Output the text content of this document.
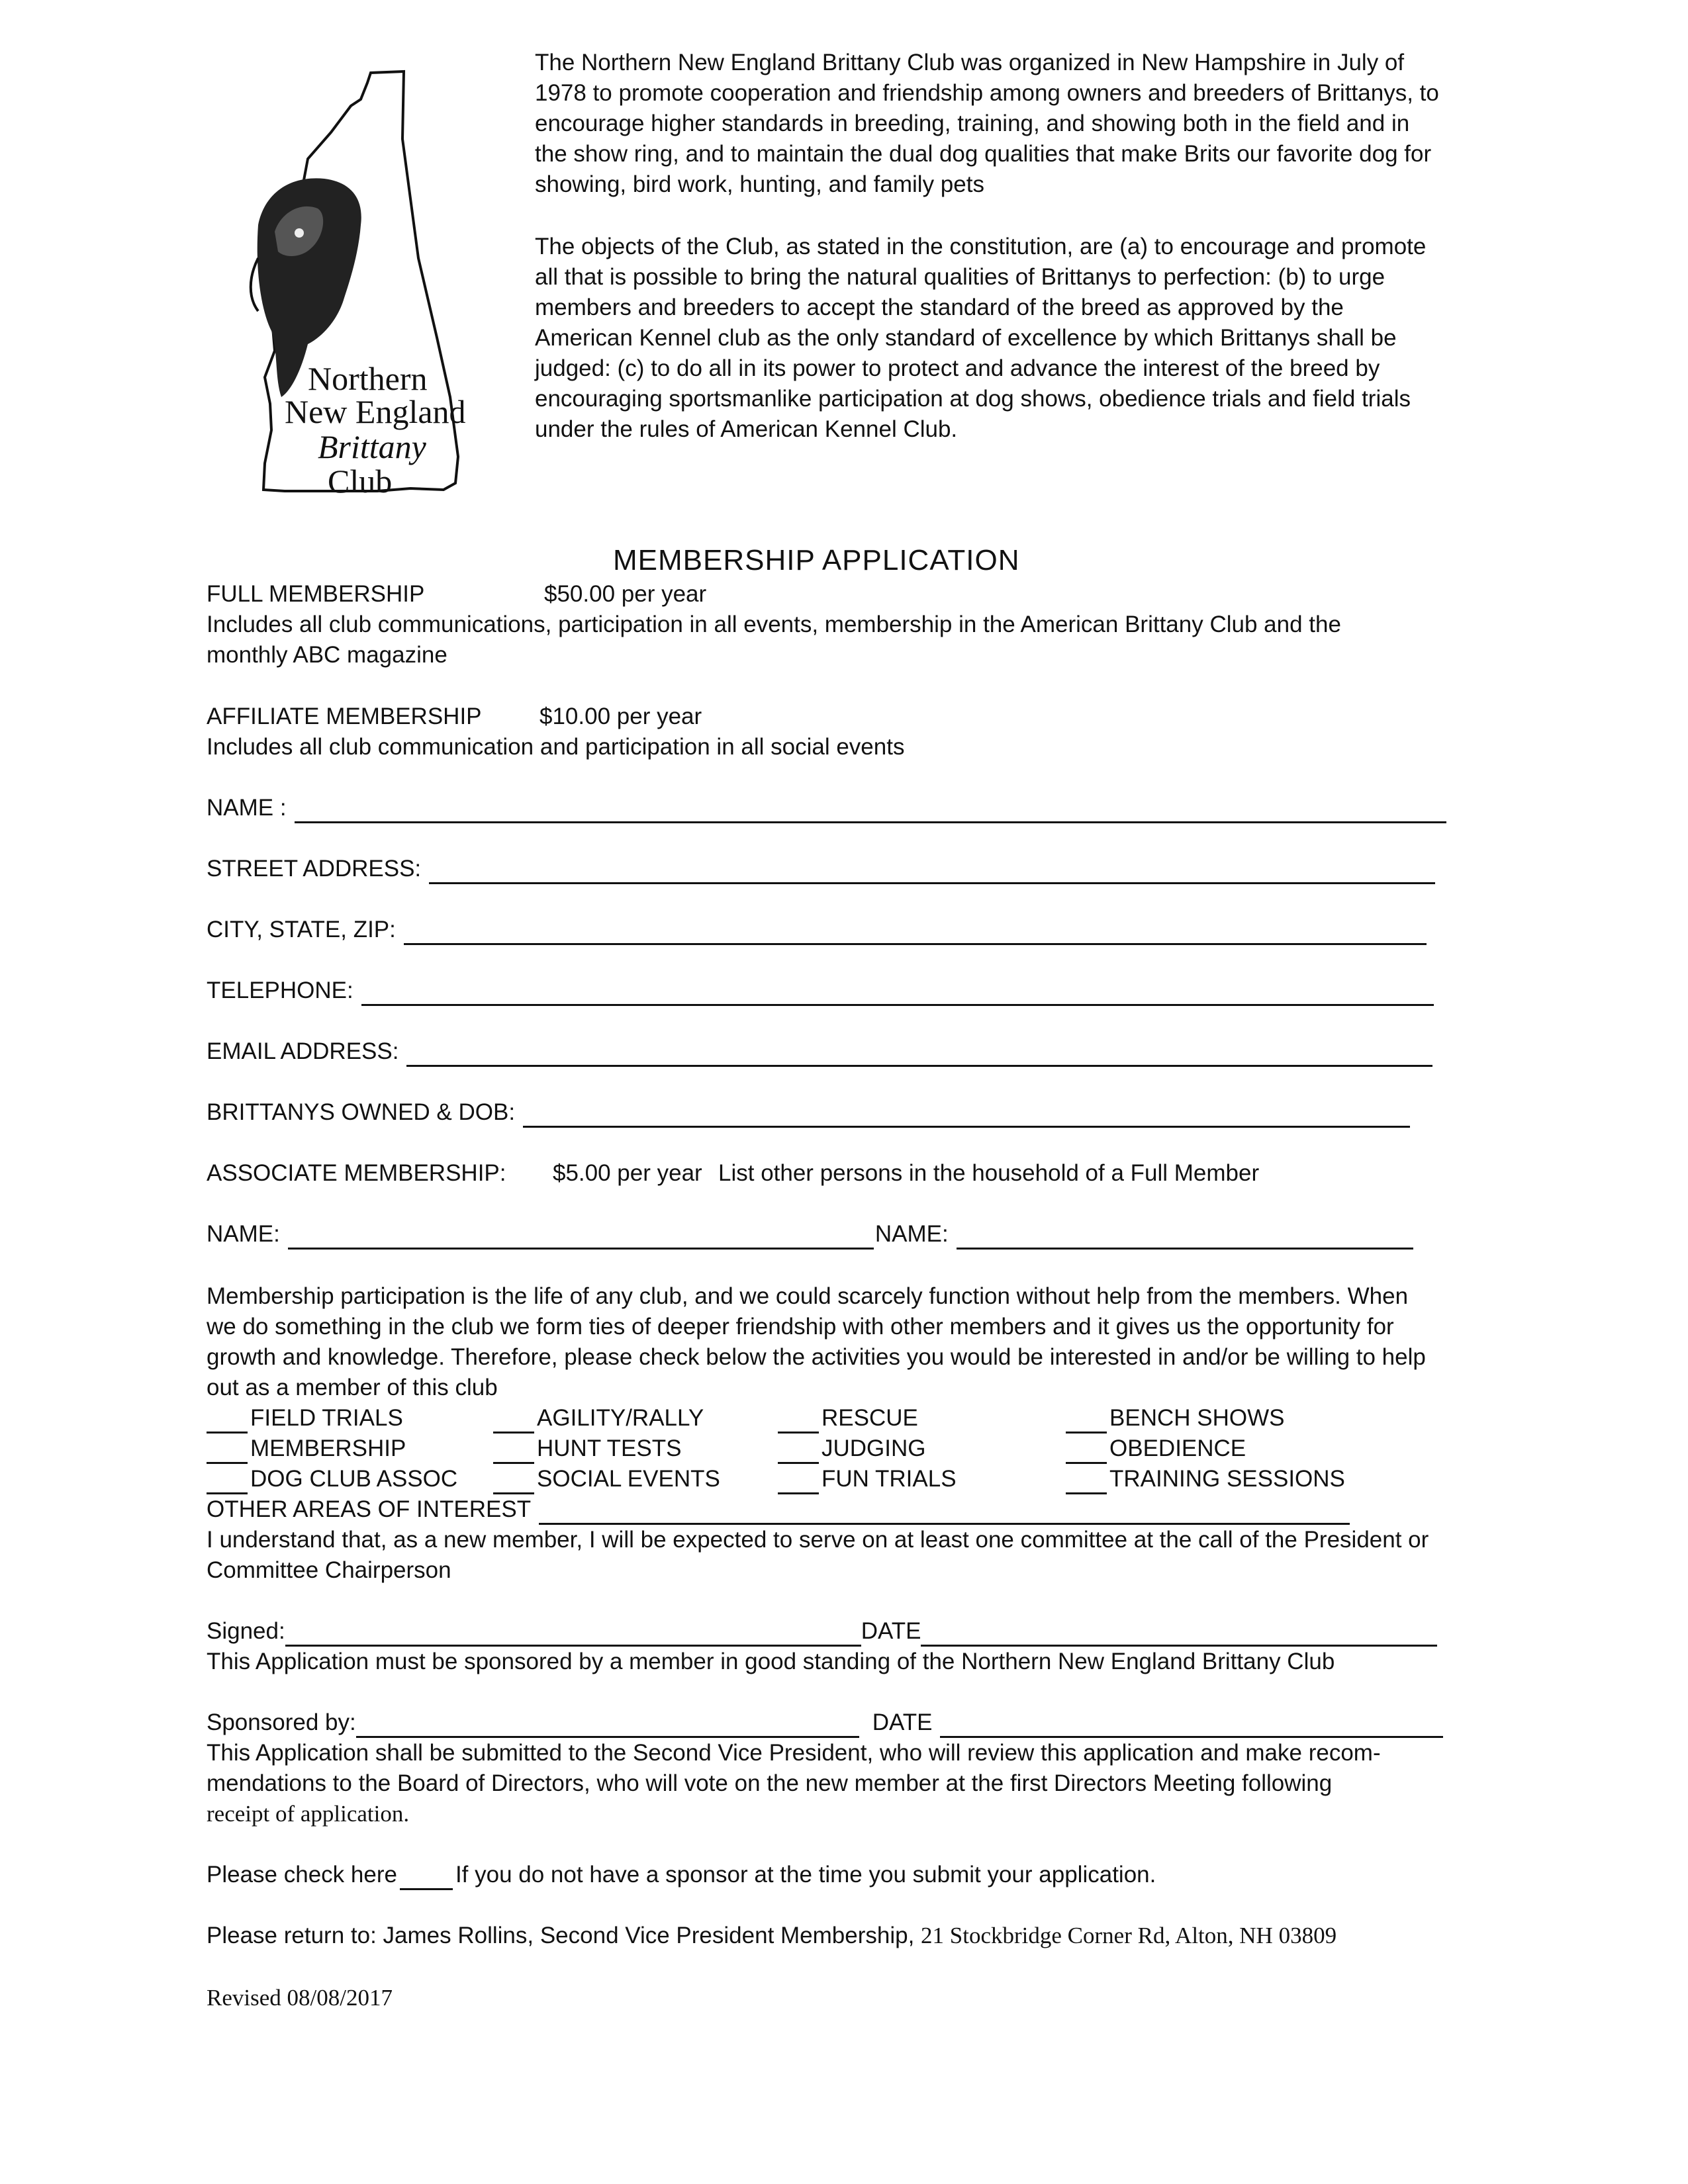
Northern
New England
Brittany
Club
The Northern New England Brittany Club was organized in New Hampshire in July of 1978 to promote cooperation and friendship among owners and breeders of Brittanys, to encourage higher standards in breeding, training, and showing both in the field and in the show ring, and to maintain the dual dog qualities that make Brits our favorite dog for showing, bird work, hunting, and family pets
The objects of the Club, as stated in the constitution, are (a) to encourage and promote all that is possible to bring the natural qualities of Brittanys to perfection: (b) to urge members and breeders to accept the standard of the breed as approved by the American Kennel club as the only standard of excellence by which Brittanys shall be judged: (c) to do all in its power to protect and advance the interest of the breed by encouraging sportsmanlike participation at dog shows, obedience trials and field trials under the rules of American Kennel Club.
MEMBERSHIP APPLICATION
FULL MEMBERSHIP	$50.00 per year
Includes all club communications, participation in all events, membership in the American Brittany Club and the
monthly ABC magazine
AFFILIATE MEMBERSHIP $10.00 per year
Includes all club communication and participation in all social events
NAME :
STREET ADDRESS:
CITY, STATE, ZIP:
TELEPHONE:
EMAIL ADDRESS:
BRITTANYS OWNED & DOB:
ASSOCIATE MEMBERSHIP: $5.00 per year List other persons in the household of a Full Member
NAME:	NAME:
Membership participation is the life of any club, and we could scarcely function without help from the members. When we do something in the club we form ties of deeper friendship with other members and it gives us the opportunity for growth and knowledge. Therefore, please check below the activities you would be interested in and/or be willing to help out as a member of this club
FIELD TRIALS	AGILITY/RALLY	RESCUE	BENCH SHOWS
MEMBERSHIP	HUNT TESTS	JUDGING	OBEDIENCE
DOG CLUB ASSOC	SOCIAL EVENTS	FUN TRIALS	TRAINING SESSIONS
OTHER AREAS OF INTEREST
I understand that, as a new member, I will be expected to serve on at least one committee at the call of the President or
Committee Chairperson
Signed:	DATE
This Application must be sponsored by a member in good standing of the Northern New England Brittany Club
Sponsored by:	DATE
This Application shall be submitted to the Second Vice President, who will review this application and make recom-
mendations to the Board of Directors, who will vote on the new member at the first Directors Meeting following
receipt of application.
Please check here	If you do not have a sponsor at the time you submit your application.
Please return to: James Rollins, Second Vice President Membership, 21 Stockbridge Corner Rd, Alton, NH 03809
Revised 08/08/2017
